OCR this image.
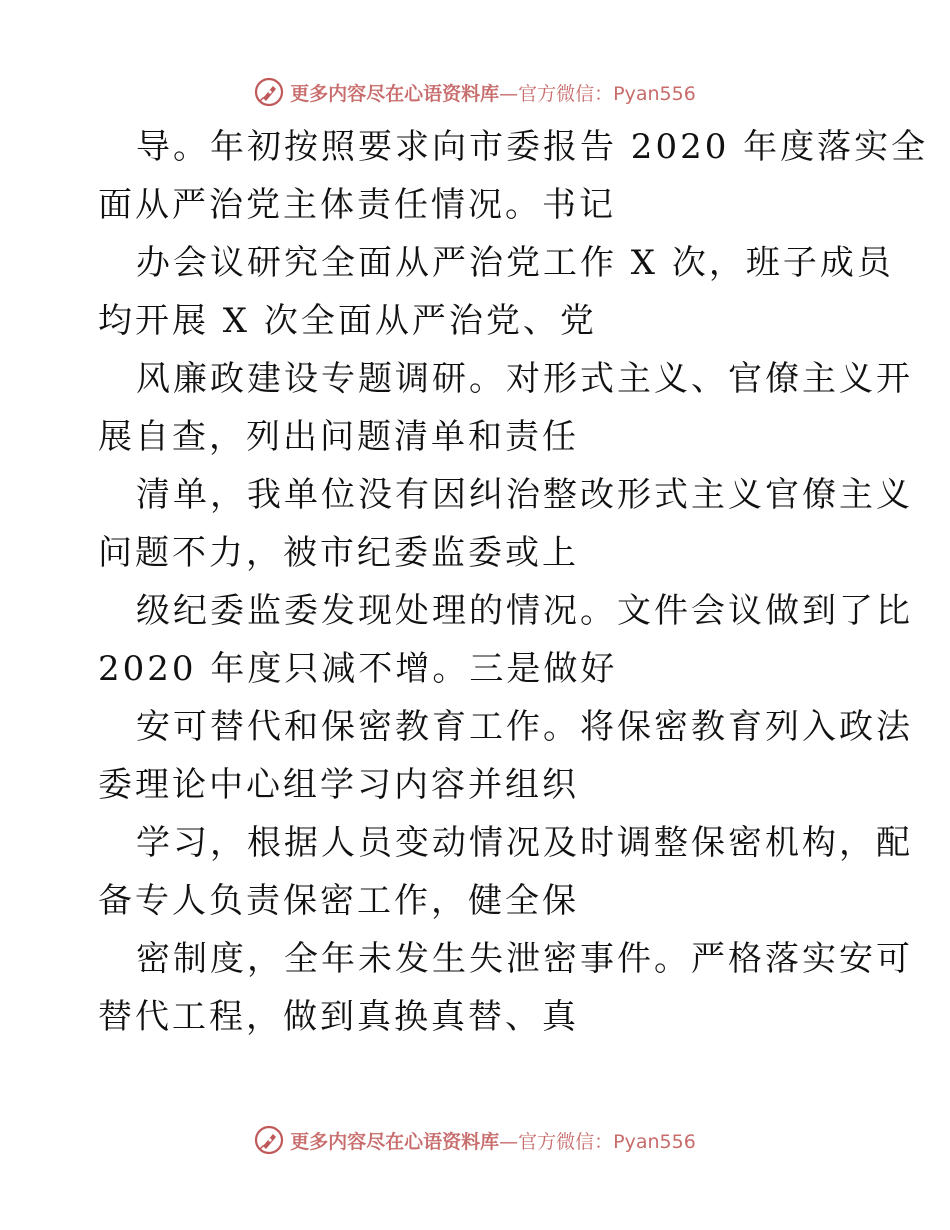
更多内容尽在心语资料库 —官方微信：Pyan556
导。年初按照要求向市委报告 2020 年度落实全
面从严治党主体责任情况。书记
办会议研究全面从严治党工作 X 次，班子成员
均开展 X 次全面从严治党、党
风廉政建设专题调研。对形式主义、官僚主义开
展自查，列出问题清单和责任
清单，我单位没有因纠治整改形式主义官僚主义
问题不力，被市纪委监委或上
级纪委监委发现处理的情况。文件会议做到了比
2020 年度只减不增。三是做好
安可替代和保密教育工作。将保密教育列入政法
委理论中心组学习内容并组织
学习，根据人员变动情况及时调整保密机构，配
备专人负责保密工作，健全保
密制度，全年未发生失泄密事件。严格落实安可
替代工程，做到真换真替、真
更多内容尽在心语资料库 —官方微信：Pyan556
